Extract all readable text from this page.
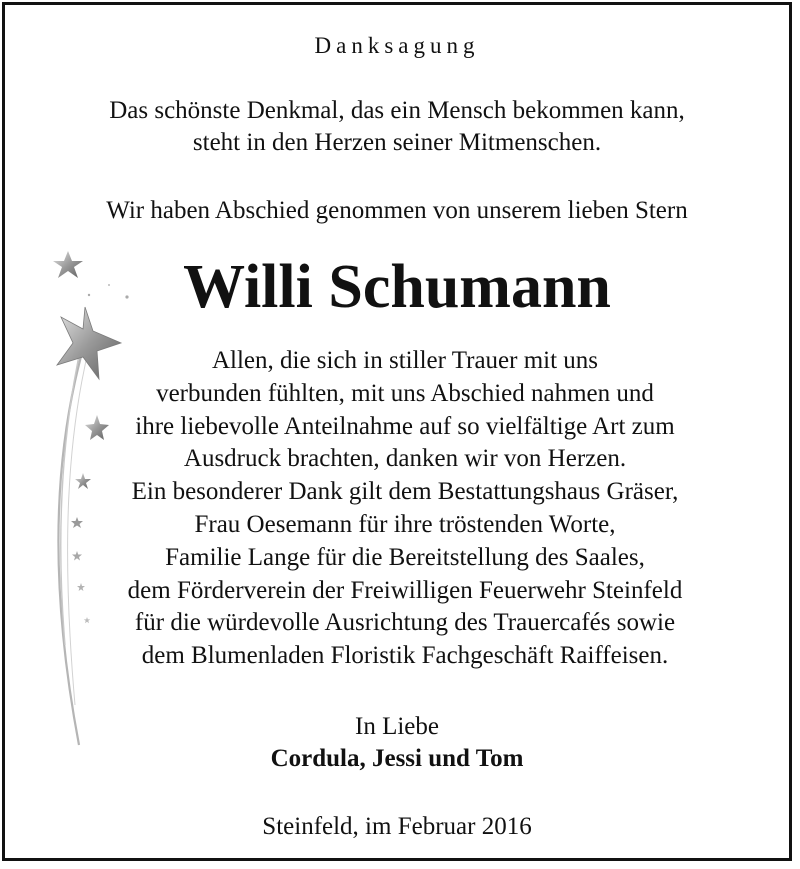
Danksagung

Das schönste Denkmal, das ein Mensch bekommen kann,
steht in den Herzen seiner Mitmenschen.

Wir haben Abschied genommen von unserem lieben Stern

Willi Schumann

Allen, die sich in stiller Trauer mit uns
verbunden fühlten, mit uns Abschied nahmen und
ihre liebevolle Anteilnahme auf so vielfältige Art zum
Ausdruck brachten, danken wir von Herzen.
Ein besonderer Dank gilt dem Bestattungshaus Gräser,
Frau Oesemann für ihre tröstenden Worte,
Familie Lange für die Bereitstellung des Saales,
dem Förderverein der Freiwilligen Feuerwehr Steinfeld
für die würdevolle Ausrichtung des Trauercafés sowie
dem Blumenladen Floristik Fachgeschäft Raiffeisen.

In Liebe

Cordula, Jessi und Tom

Steinfeld, im Februar 2016
